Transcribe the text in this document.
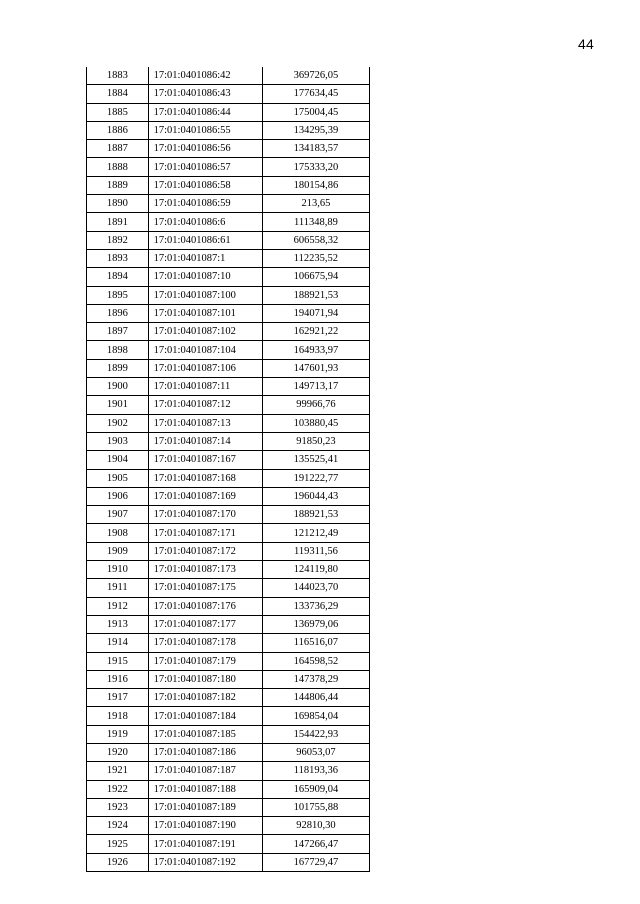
44
1883	17:01:0401086:42	369726,05
1884	17:01:0401086:43	177634,45
1885	17:01:0401086:44	175004,45
1886	17:01:0401086:55	134295,39
1887	17:01:0401086:56	134183,57
1888	17:01:0401086:57	175333,20
1889	17:01:0401086:58	180154,86
1890	17:01:0401086:59	213,65
1891	17:01:0401086:6	111348,89
1892	17:01:0401086:61	606558,32
1893	17:01:0401087:1	112235,52
1894	17:01:0401087:10	106675,94
1895	17:01:0401087:100	188921,53
1896	17:01:0401087:101	194071,94
1897	17:01:0401087:102	162921,22
1898	17:01:0401087:104	164933,97
1899	17:01:0401087:106	147601,93
1900	17:01:0401087:11	149713,17
1901	17:01:0401087:12	99966,76
1902	17:01:0401087:13	103880,45
1903	17:01:0401087:14	91850,23
1904	17:01:0401087:167	135525,41
1905	17:01:0401087:168	191222,77
1906	17:01:0401087:169	196044,43
1907	17:01:0401087:170	188921,53
1908	17:01:0401087:171	121212,49
1909	17:01:0401087:172	119311,56
1910	17:01:0401087:173	124119,80
1911	17:01:0401087:175	144023,70
1912	17:01:0401087:176	133736,29
1913	17:01:0401087:177	136979,06
1914	17:01:0401087:178	116516,07
1915	17:01:0401087:179	164598,52
1916	17:01:0401087:180	147378,29
1917	17:01:0401087:182	144806,44
1918	17:01:0401087:184	169854,04
1919	17:01:0401087:185	154422,93
1920	17:01:0401087:186	96053,07
1921	17:01:0401087:187	118193,36
1922	17:01:0401087:188	165909,04
1923	17:01:0401087:189	101755,88
1924	17:01:0401087:190	92810,30
1925	17:01:0401087:191	147266,47
1926	17:01:0401087:192	167729,47
